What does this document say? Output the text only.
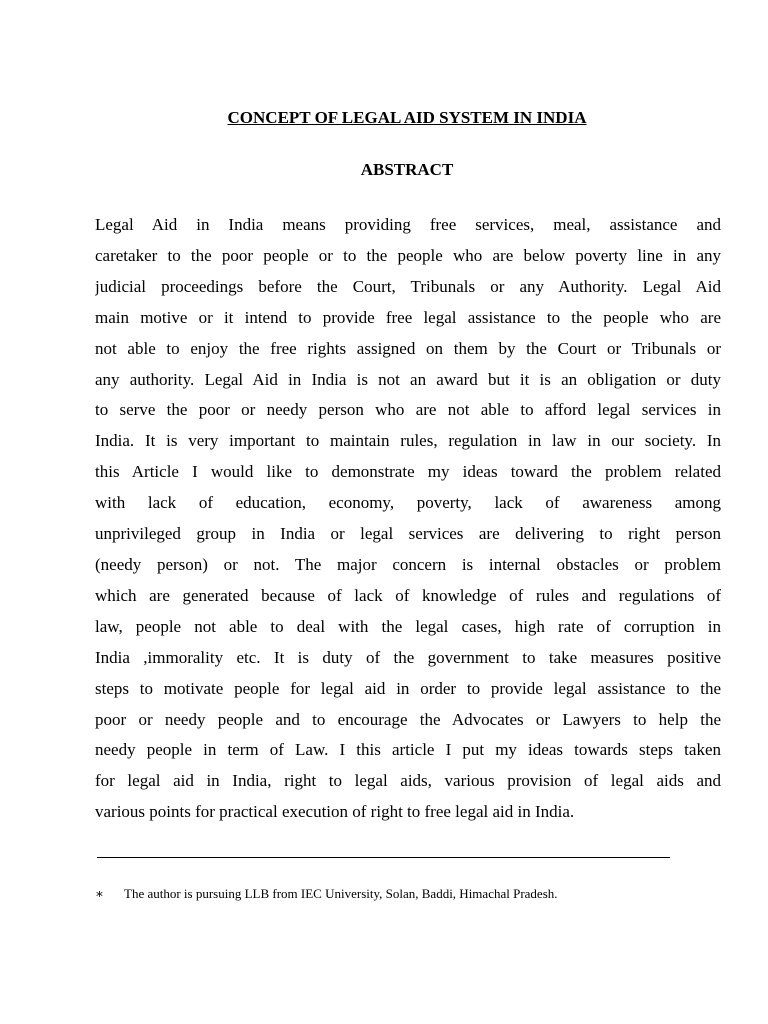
CONCEPT OF LEGAL AID SYSTEM IN INDIA
ABSTRACT

Legal Aid in India means providing free services, meal, assistance and
caretaker to the poor people or to the people who are below poverty line in any
judicial proceedings before the Court, Tribunals or any Authority. Legal Aid
main motive or it intend to provide free legal assistance to the people who are
not able to enjoy the free rights assigned on them by the Court or Tribunals or
any authority. Legal Aid in India is not an award but it is an obligation or duty
to serve the poor or needy person who are not able to afford legal services in
India. It is very important to maintain rules, regulation in law in our society. In
this Article I would like to demonstrate my ideas toward the problem related
with lack of education, economy, poverty, lack of awareness among
unprivileged group in India or legal services are delivering to right person
(needy person) or not. The major concern is internal obstacles or problem
which are generated because of lack of knowledge of rules and regulations of
law, people not able to deal with the legal cases, high rate of corruption in
India ,immorality etc. It is duty of the government to take measures positive
steps to motivate people for legal aid in order to provide legal assistance to the
poor or needy people and to encourage the Advocates or Lawyers to help the
needy people in term of Law. I this article I put my ideas towards steps taken
for legal aid in India, right to legal aids, various provision of legal aids and
various points for practical execution of right to free legal aid in India.

∗ The author is pursuing LLB from IEC University, Solan, Baddi, Himachal Pradesh.
